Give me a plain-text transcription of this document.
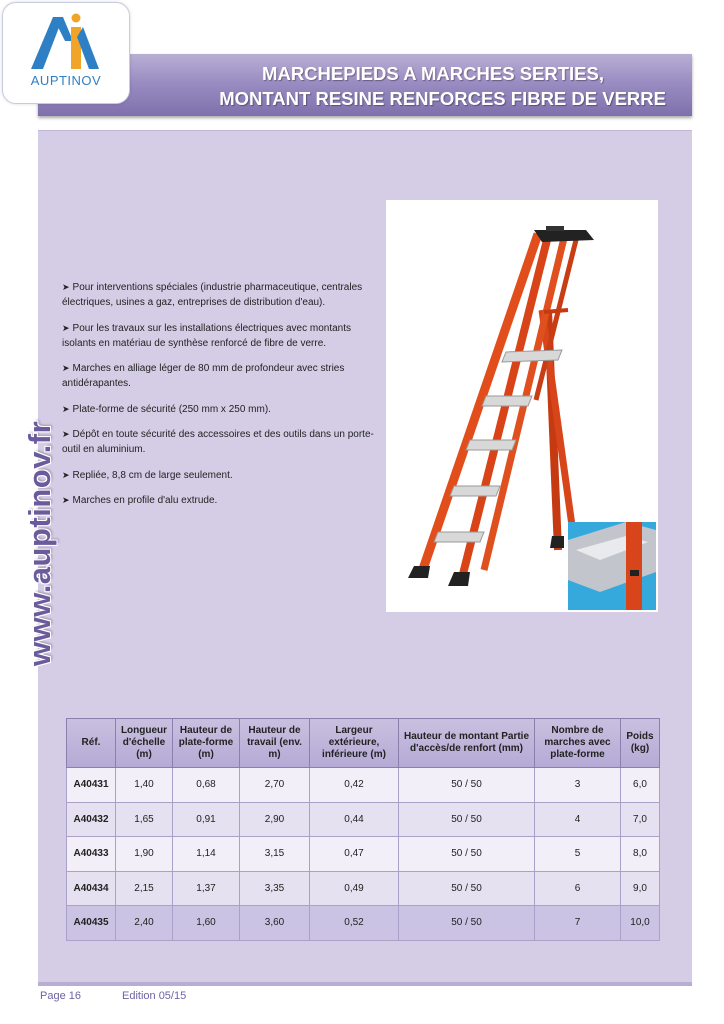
AUPTINOV	MARCHEPIEDS A MARCHES SERTIES,
MONTANT RESINE RENFORCES FIBRE DE VERRE
www.auptinov.fr

➤ Pour interventions spéciales (industrie pharmaceutique, centrales électriques, usines a gaz, entreprises de distribution d'eau).

➤ Pour les travaux sur les installations électriques avec montants isolants en matériau de synthèse renforcé de fibre de verre.

➤ Marches en alliage léger de 80 mm de profondeur avec stries antidérapantes.

➤ Plate-forme de sécurité (250 mm x 250 mm).

➤ Dépôt en toute sécurité des accessoires et des outils dans un porte-outil en aluminium.

➤ Repliée, 8,8 cm de large seulement.

➤ Marches en profile d'alu extrude.

Réf.	Longueur d'échelle (m)	Hauteur de plate-forme (m)	Hauteur de travail (env. m)	Largeur extérieure, inférieure (m)	Hauteur de montant Partie d'accès/de renfort (mm)	Nombre de marches avec plate-forme	Poids (kg)
A40431	1,40	0,68	2,70	0,42	50 / 50	3	6,0
A40432	1,65	0,91	2,90	0,44	50 / 50	4	7,0
A40433	1,90	1,14	3,15	0,47	50 / 50	5	8,0
A40434	2,15	1,37	3,35	0,49	50 / 50	6	9,0
A40435	2,40	1,60	3,60	0,52	50 / 50	7	10,0
Page 16	Edition 05/15
